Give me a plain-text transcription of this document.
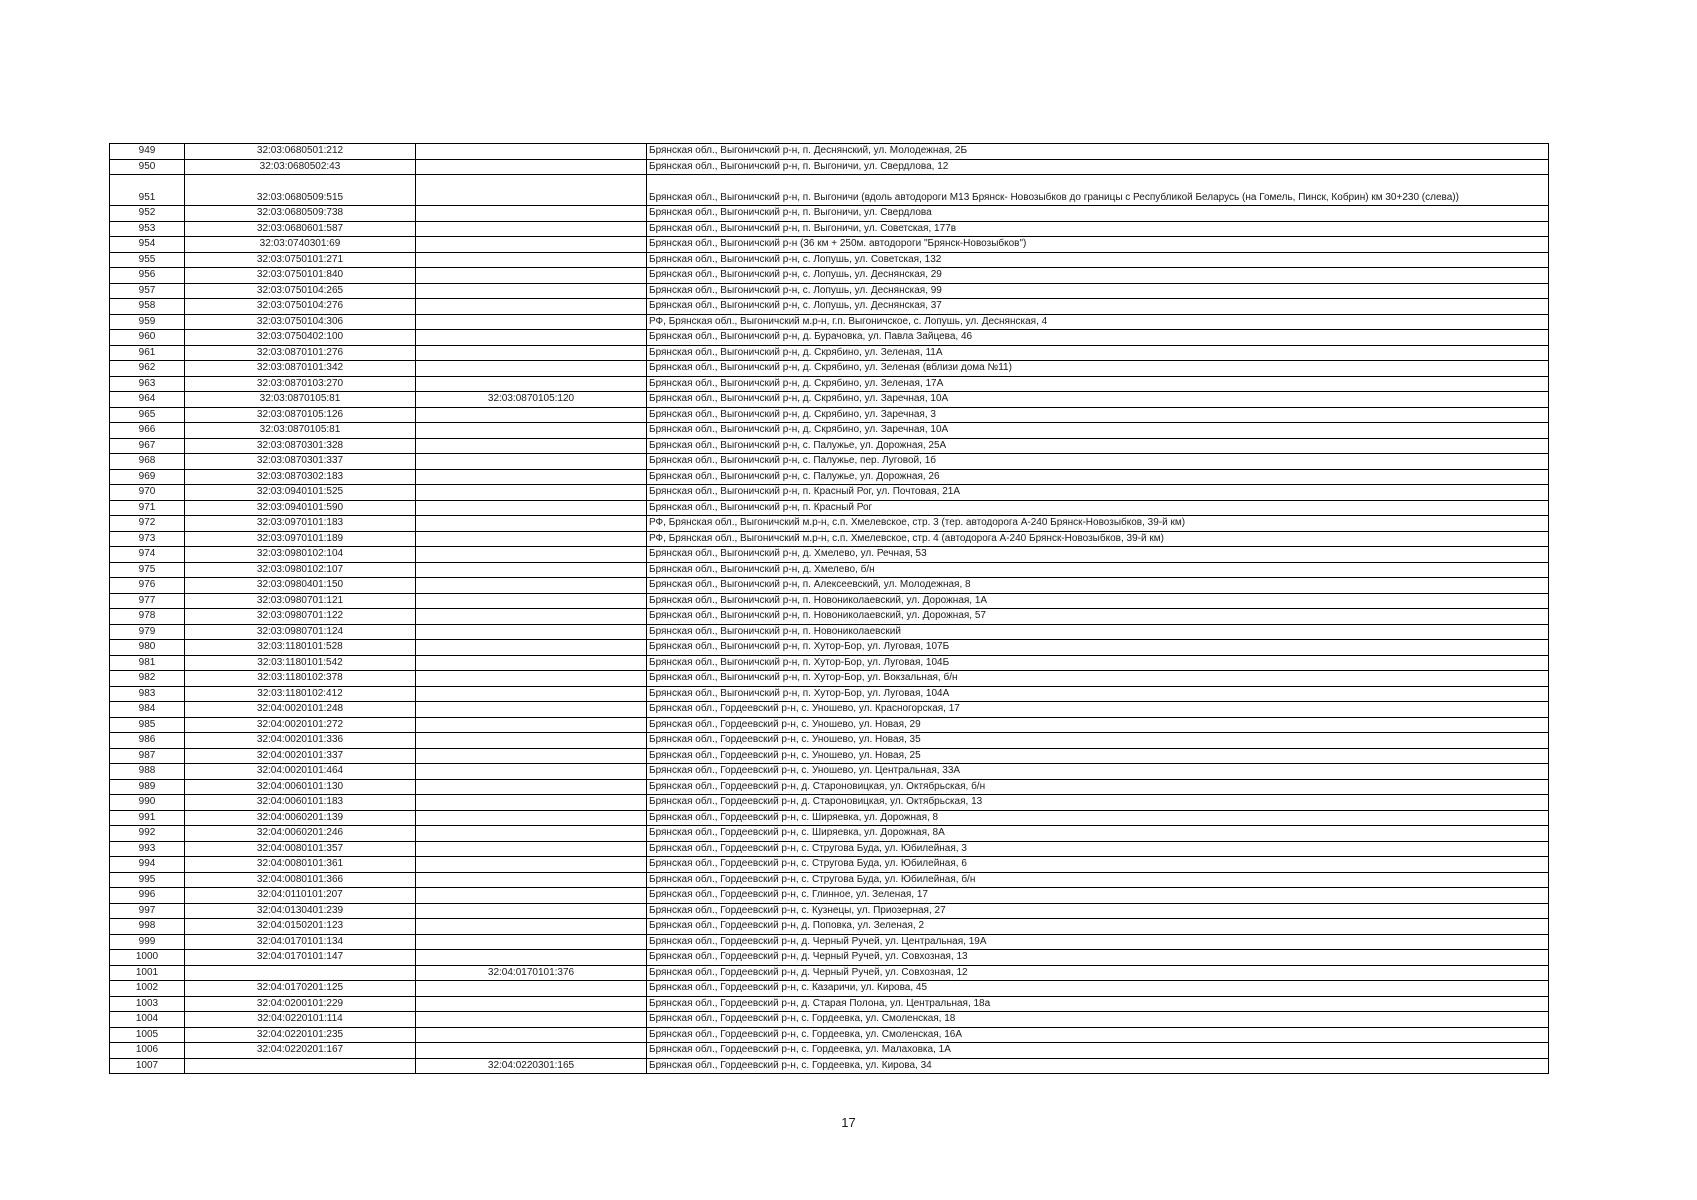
949	32:03:0680501:212		Брянская обл., Выгоничский р-н, п. Деснянский, ул. Молодежная, 2Б
950	32:03:0680502:43		Брянская обл., Выгоничский р-н, п. Выгоничи, ул. Свердлова, 12
951	32:03:0680509:515		Брянская обл., Выгоничский р-н, п. Выгоничи (вдоль автодороги М13 Брянск- Новозыбков до границы с Республикой Беларусь (на Гомель, Пинск, Кобрин) км 30+230 (слева))
952	32:03:0680509:738		Брянская обл., Выгоничский р-н, п. Выгоничи, ул. Свердлова
953	32:03:0680601:587		Брянская обл., Выгоничский р-н, п. Выгоничи, ул. Советская, 177в
954	32:03:0740301:69		Брянская обл., Выгоничский р-н (36 км + 250м. автодороги "Брянск-Новозыбков")
955	32:03:0750101:271		Брянская обл., Выгоничский р-н, с. Лопушь, ул. Советская, 132
956	32:03:0750101:840		Брянская обл., Выгоничский р-н, с. Лопушь, ул. Деснянская, 29
957	32:03:0750104:265		Брянская обл., Выгоничский р-н, с. Лопушь, ул. Деснянская, 99
958	32:03:0750104:276		Брянская обл., Выгоничский р-н, с. Лопушь, ул. Деснянская, 37
959	32:03:0750104:306		РФ, Брянская обл., Выгоничский м.р-н, г.п. Выгоничское, с. Лопушь, ул. Деснянская, 4
960	32:03:0750402:100		Брянская обл., Выгоничский р-н, д. Бурачовка, ул. Павла Зайцева, 46
961	32:03:0870101:276		Брянская обл., Выгоничский р-н, д. Скрябино, ул. Зеленая, 11А
962	32:03:0870101:342		Брянская обл., Выгоничский р-н, д. Скрябино, ул. Зеленая (вблизи дома №11)
963	32:03:0870103:270		Брянская обл., Выгоничский р-н, д. Скрябино, ул. Зеленая, 17А
964	32:03:0870105:81	32:03:0870105:120	Брянская обл., Выгоничский р-н, д. Скрябино, ул. Заречная, 10А
965	32:03:0870105:126		Брянская обл., Выгоничский р-н, д. Скрябино, ул. Заречная, 3
966	32:03:0870105:81		Брянская обл., Выгоничский р-н, д. Скрябино, ул. Заречная, 10А
967	32:03:0870301:328		Брянская обл., Выгоничский р-н, с. Палужье, ул. Дорожная, 25А
968	32:03:0870301:337		Брянская обл., Выгоничский р-н, с. Палужье, пер. Луговой, 1б
969	32:03:0870302:183		Брянская обл., Выгоничский р-н, с. Палужье, ул. Дорожная, 26
970	32:03:0940101:525		Брянская обл., Выгоничский р-н, п. Красный Рог, ул. Почтовая, 21А
971	32:03:0940101:590		Брянская обл., Выгоничский р-н, п. Красный Рог
972	32:03:0970101:183		РФ, Брянская обл., Выгоничский м.р-н, с.п. Хмелевское, стр. 3 (тер. автодорога А-240 Брянск-Новозыбков, 39-й км)
973	32:03:0970101:189		РФ, Брянская обл., Выгоничский м.р-н, с.п. Хмелевское, стр. 4 (автодорога А-240 Брянск-Новозыбков, 39-й км)
974	32:03:0980102:104		Брянская обл., Выгоничский р-н, д. Хмелево, ул. Речная, 53
975	32:03:0980102:107		Брянская обл., Выгоничский р-н, д. Хмелево, б/н
976	32:03:0980401:150		Брянская обл., Выгоничский р-н, п. Алексеевский, ул. Молодежная, 8
977	32:03:0980701:121		Брянская обл., Выгоничский р-н, п. Новониколаевский, ул. Дорожная, 1А
978	32:03:0980701:122		Брянская обл., Выгоничский р-н, п. Новониколаевский, ул. Дорожная, 57
979	32:03:0980701:124		Брянская обл., Выгоничский р-н, п. Новониколаевский
980	32:03:1180101:528		Брянская обл., Выгоничский р-н, п. Хутор-Бор, ул. Луговая, 107Б
981	32:03:1180101:542		Брянская обл., Выгоничский р-н, п. Хутор-Бор, ул. Луговая, 104Б
982	32:03:1180102:378		Брянская обл., Выгоничский р-н, п. Хутор-Бор, ул. Вокзальная, б/н
983	32:03:1180102:412		Брянская обл., Выгоничский р-н, п. Хутор-Бор, ул. Луговая, 104А
984	32:04:0020101:248		Брянская обл., Гордеевский р-н, с. Уношево, ул. Красногорская, 17
985	32:04:0020101:272		Брянская обл., Гордеевский р-н, с. Уношево, ул. Новая, 29
986	32:04:0020101:336		Брянская обл., Гордеевский р-н, с. Уношево, ул. Новая, 35
987	32:04:0020101:337		Брянская обл., Гордеевский р-н, с. Уношево, ул. Новая, 25
988	32:04:0020101:464		Брянская обл., Гордеевский р-н, с. Уношево, ул. Центральная, 33А
989	32:04:0060101:130		Брянская обл., Гордеевский р-н, д. Староновицкая, ул. Октябрьская, б/н
990	32:04:0060101:183		Брянская обл., Гордеевский р-н, д. Староновицкая, ул. Октябрьская, 13
991	32:04:0060201:139		Брянская обл., Гордеевский р-н, с. Ширяевка, ул. Дорожная, 8
992	32:04:0060201:246		Брянская обл., Гордеевский р-н, с. Ширяевка, ул. Дорожная, 8А
993	32:04:0080101:357		Брянская обл., Гордеевский р-н, с. Стругова Буда, ул. Юбилейная, 3
994	32:04:0080101:361		Брянская обл., Гордеевский р-н, с. Стругова Буда, ул. Юбилейная, 6
995	32:04:0080101:366		Брянская обл., Гордеевский р-н, с. Стругова Буда, ул. Юбилейная, б/н
996	32:04:0110101:207		Брянская обл., Гордеевский р-н, с. Глинное, ул. Зеленая, 17
997	32:04:0130401:239		Брянская обл., Гордеевский р-н, с. Кузнецы, ул. Приозерная, 27
998	32:04:0150201:123		Брянская обл., Гордеевский р-н, д. Поповка, ул. Зеленая, 2
999	32:04:0170101:134		Брянская обл., Гордеевский р-н, д. Черный Ручей, ул. Центральная, 19А
1000	32:04:0170101:147		Брянская обл., Гордеевский р-н, д. Черный Ручей, ул. Совхозная, 13
1001		32:04:0170101:376	Брянская обл., Гордеевский р-н, д. Черный Ручей, ул. Совхозная, 12
1002	32:04:0170201:125		Брянская обл., Гордеевский р-н, с. Казаричи, ул. Кирова, 45
1003	32:04:0200101:229		Брянская обл., Гордеевский р-н, д. Старая Полона, ул. Центральная, 18а
1004	32:04:0220101:114		Брянская обл., Гордеевский р-н, с. Гордеевка, ул. Смоленская, 18
1005	32:04:0220101:235		Брянская обл., Гордеевский р-н, с. Гордеевка, ул. Смоленская, 16А
1006	32:04:0220201:167		Брянская обл., Гордеевский р-н, с. Гордеевка, ул. Малаховка, 1А
1007		32:04:0220301:165	Брянская обл., Гордеевский р-н, с. Гордеевка, ул. Кирова, 34
17
